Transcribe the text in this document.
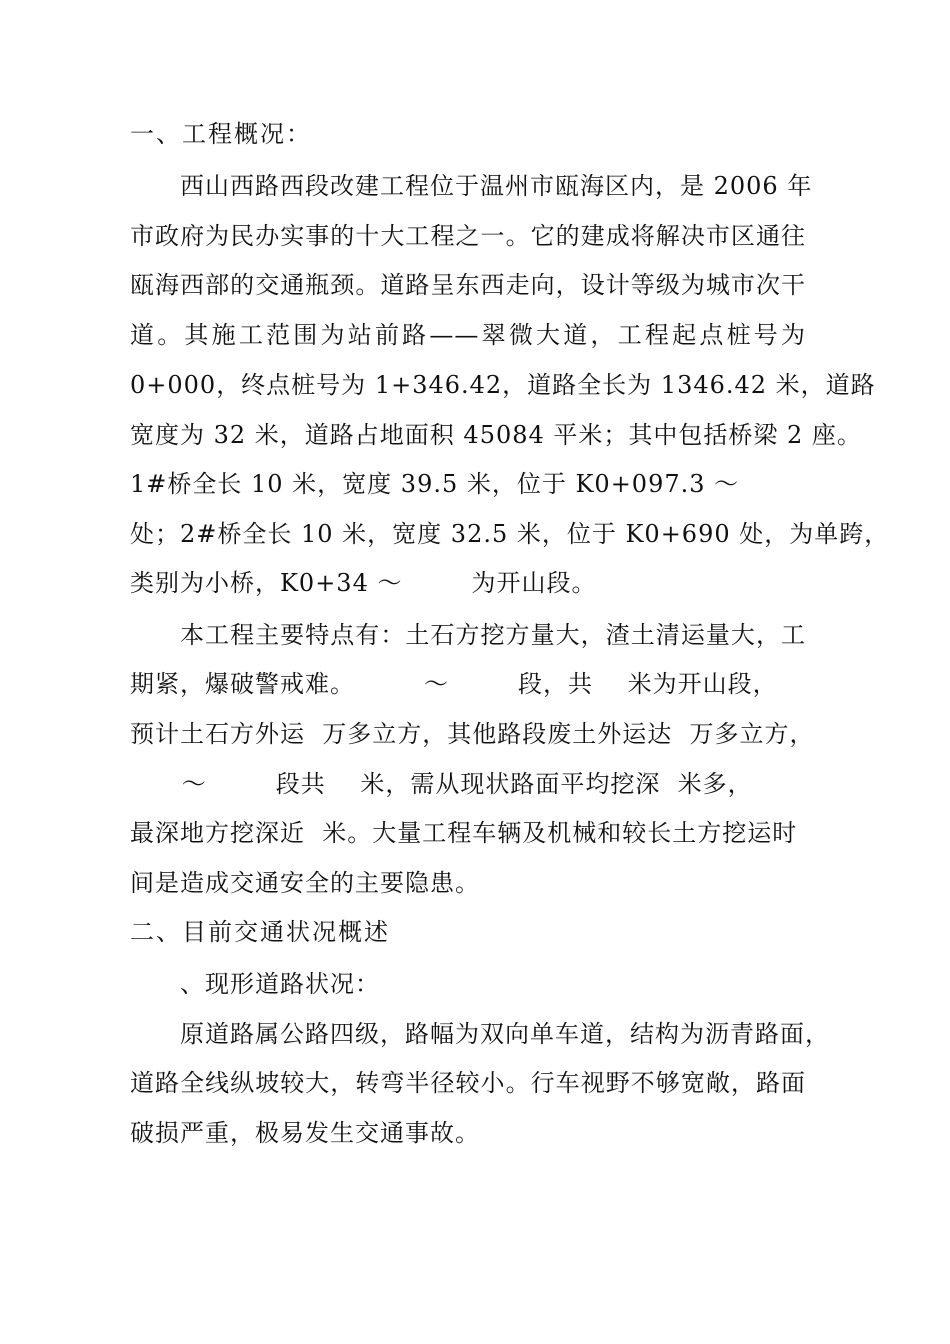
一、工程概况：
西山西路西段改建工程位于温州市瓯海区内，是 2006 年
市政府为民办实事的十大工程之一。它的建成将解决市区通往
瓯海西部的交通瓶颈。道路呈东西走向，设计等级为城市次干
道。其施工范围为站前路——翠微大道，工程起点桩号为
0+000，终点桩号为 1+346.42，道路全长为 1346.42 米，道路
宽度为 32 米，道路占地面积 45084 平米；其中包括桥梁 2 座。
1#桥全长 10 米，宽度 39.5 米，位于 K0+097.3 ～
处；2#桥全长 10 米，宽度 32.5 米，位于 K0+690 处，为单跨，
类别为小桥，K0+34 ～        为开山段。
本工程主要特点有：土石方挖方量大，渣土清运量大，工
期紧，爆破警戒难。        ～        段，共    米为开山段，
预计土石方外运  万多立方，其他路段废土外运达  万多立方，
～        段共    米，需从现状路面平均挖深  米多，
最深地方挖深近  米。大量工程车辆及机械和较长土方挖运时
间是造成交通安全的主要隐患。
二、目前交通状况概述
、现形道路状况：
原道路属公路四级，路幅为双向单车道，结构为沥青路面，
道路全线纵坡较大，转弯半径较小。行车视野不够宽敞，路面
破损严重，极易发生交通事故。
